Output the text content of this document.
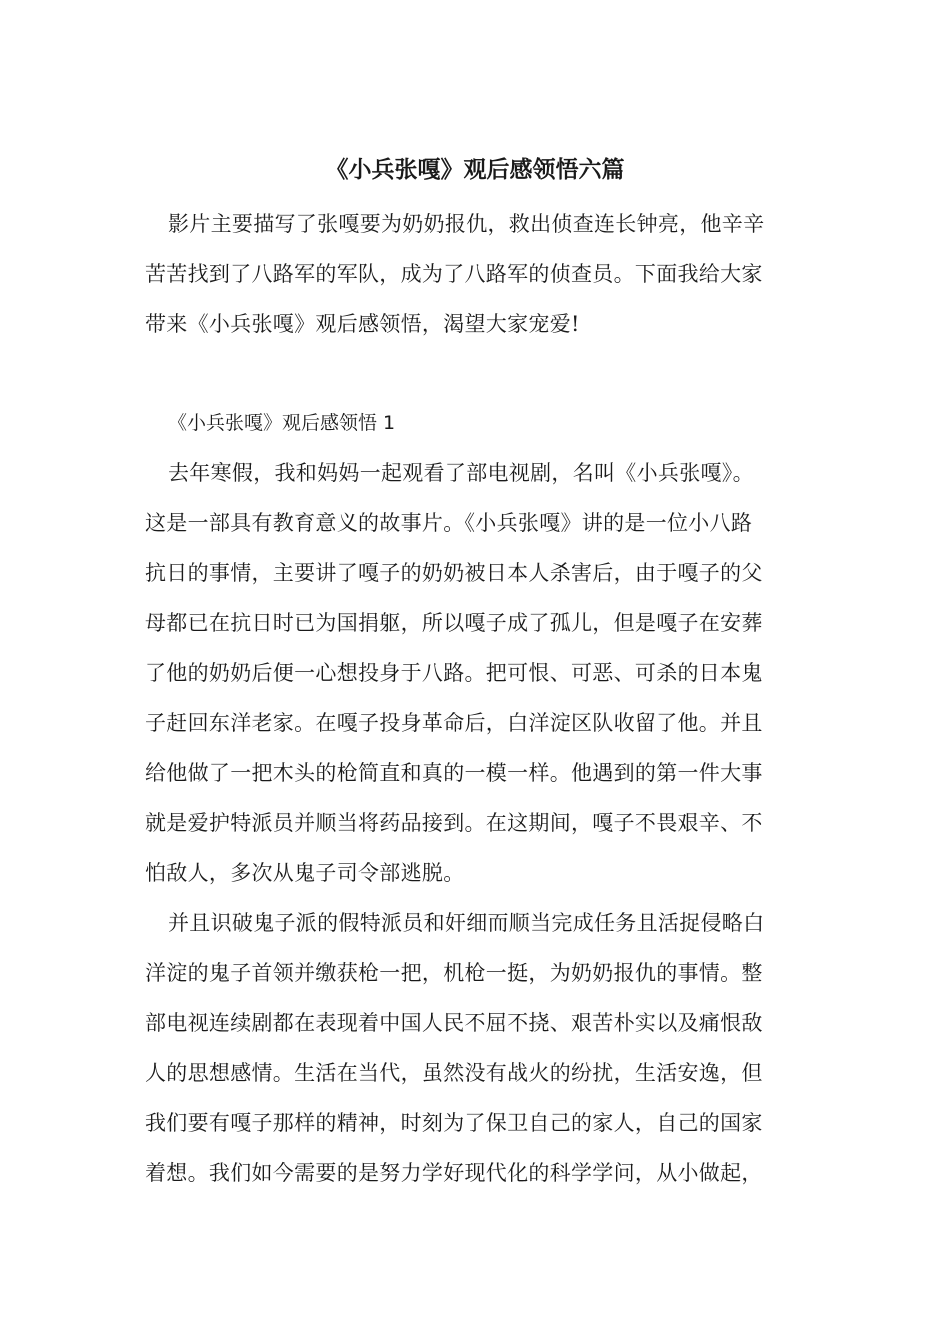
《小兵张嘎》观后感领悟六篇
影片主要描写了张嘎要为奶奶报仇，救出侦查连长钟亮，他辛辛
苦苦找到了八路军的军队，成为了八路军的侦查员。下面我给大家
带来《小兵张嘎》观后感领悟，渴望大家宠爱!

《小兵张嘎》观后感领悟 1

去年寒假，我和妈妈一起观看了部电视剧，名叫《小兵张嘎》。
这是一部具有教育意义的故事片。《小兵张嘎》讲的是一位小八路
抗日的事情，主要讲了嘎子的奶奶被日本人杀害后，由于嘎子的父
母都已在抗日时已为国捐躯，所以嘎子成了孤儿，但是嘎子在安葬
了他的奶奶后便一心想投身于八路。把可恨、可恶、可杀的日本鬼
子赶回东洋老家。在嘎子投身革命后，白洋淀区队收留了他。并且
给他做了一把木头的枪简直和真的一模一样。他遇到的第一件大事
就是爱护特派员并顺当将药品接到。在这期间，嘎子不畏艰辛、不
怕敌人，多次从鬼子司令部逃脱。
并且识破鬼子派的假特派员和奸细而顺当完成任务且活捉侵略白
洋淀的鬼子首领并缴获枪一把，机枪一挺，为奶奶报仇的事情。整
部电视连续剧都在表现着中国人民不屈不挠、艰苦朴实以及痛恨敌
人的思想感情。生活在当代，虽然没有战火的纷扰，生活安逸，但
我们要有嘎子那样的精神，时刻为了保卫自己的家人，自己的国家
着想。我们如今需要的是努力学好现代化的科学学问，从小做起，
